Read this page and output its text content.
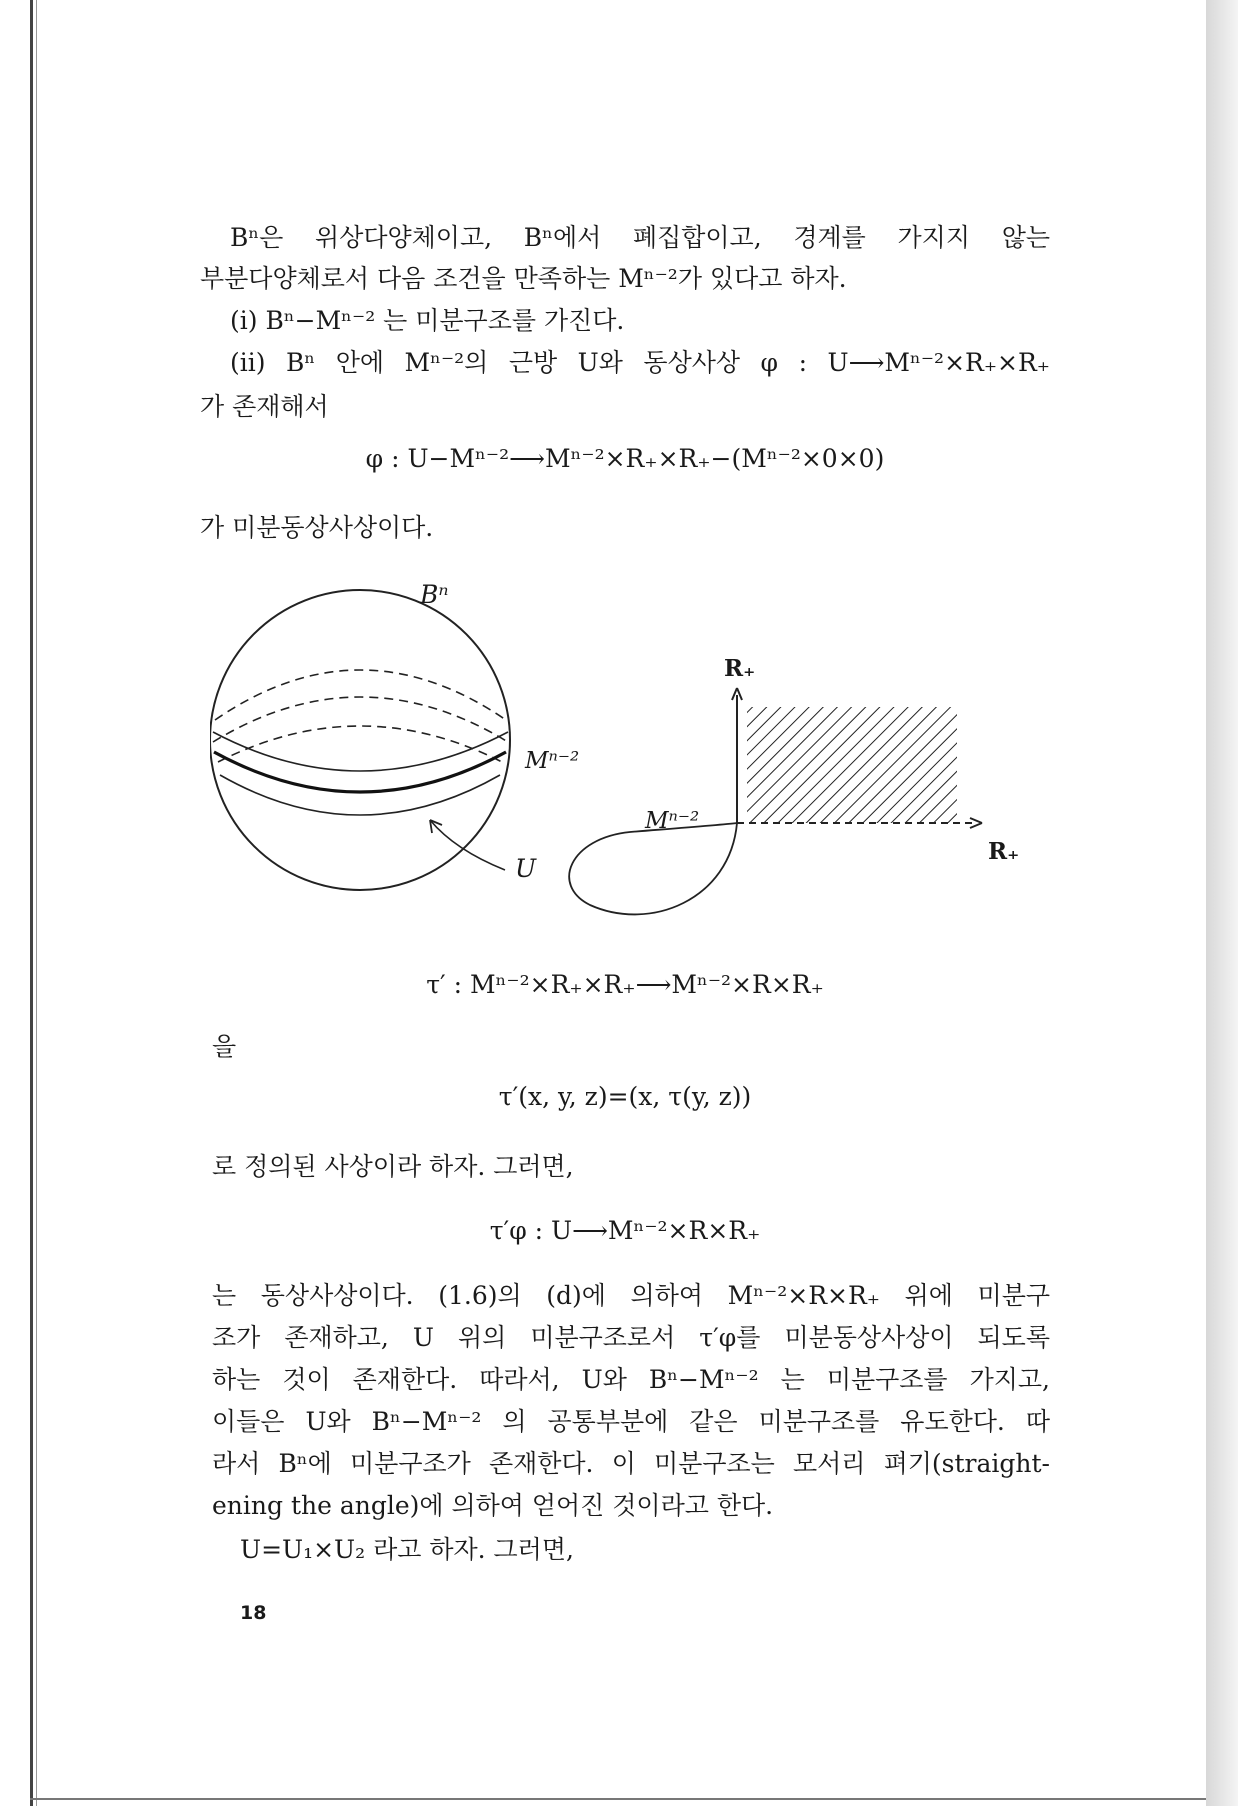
Bⁿ은 위상다양체이고, Bⁿ에서 폐집합이고, 경계를 가지지 않는
부분다양체로서 다음 조건을 만족하는 Mⁿ⁻²가 있다고 하자.
(i) Bⁿ−Mⁿ⁻² 는 미분구조를 가진다.
(ii) Bⁿ 안에 Mⁿ⁻²의 근방 U와 동상사상 φ : U⟶Mⁿ⁻²×R₊×R₊
가 존재해서
φ : U−Mⁿ⁻²⟶Mⁿ⁻²×R₊×R₊−(Mⁿ⁻²×0×0)
가 미분동상사상이다.
Bⁿ
Mⁿ⁻²
U
Mⁿ⁻²
R₊
R₊
τ′ : Mⁿ⁻²×R₊×R₊⟶Mⁿ⁻²×R×R₊
을
τ′(x, y, z)=(x, τ(y, z))
로 정의된 사상이라 하자. 그러면,
τ′φ : U⟶Mⁿ⁻²×R×R₊
는 동상사상이다. (1.6)의 (d)에 의하여 Mⁿ⁻²×R×R₊ 위에 미분구
조가 존재하고, U 위의 미분구조로서 τ′φ를 미분동상사상이 되도록
하는 것이 존재한다. 따라서, U와 Bⁿ−Mⁿ⁻² 는 미분구조를 가지고,
이들은 U와 Bⁿ−Mⁿ⁻² 의 공통부분에 같은 미분구조를 유도한다. 따
라서 Bⁿ에 미분구조가 존재한다. 이 미분구조는 모서리 펴기(straight-
ening the angle)에 의하여 얻어진 것이라고 한다.
U=U₁×U₂ 라고 하자. 그러면,
18
